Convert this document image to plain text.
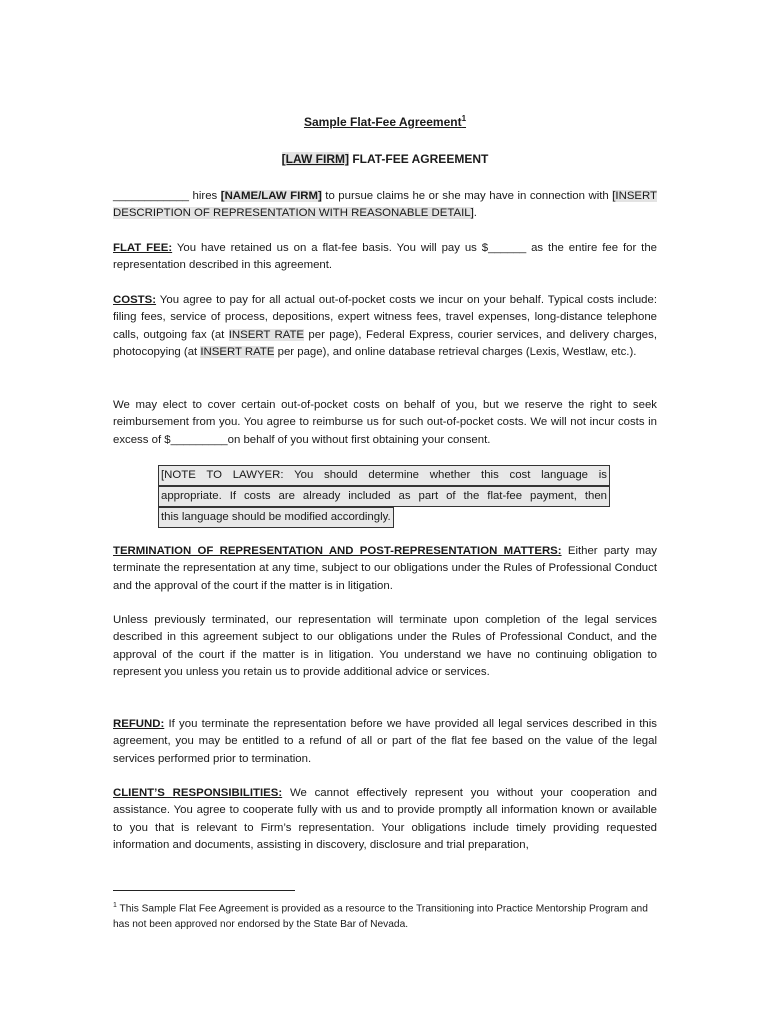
Sample Flat-Fee Agreement$^1$
[LAW FIRM] FLAT-FEE AGREEMENT
____________ hires [NAME/LAW FIRM] to pursue claims he or she may have in connection with [INSERT DESCRIPTION OF REPRESENTATION WITH REASONABLE DETAIL].
FLAT FEE: You have retained us on a flat-fee basis. You will pay us $______ as the entire fee for the representation described in this agreement.
COSTS: You agree to pay for all actual out-of-pocket costs we incur on your behalf. Typical costs include: filing fees, service of process, depositions, expert witness fees, travel expenses, long-distance telephone calls, outgoing fax (at INSERT RATE per page), Federal Express, courier services, and delivery charges, photocopying (at INSERT RATE per page), and online database retrieval charges (Lexis, Westlaw, etc.).
We may elect to cover certain out-of-pocket costs on behalf of you, but we reserve the right to seek reimbursement from you. You agree to reimburse us for such out-of-pocket costs. We will not incur costs in excess of $_________on behalf of you without first obtaining your consent.
[NOTE TO LAWYER: You should determine whether this cost language is
appropriate. If costs are already included as part of the flat-fee payment, then
this language should be modified accordingly.
TERMINATION OF REPRESENTATION AND POST-REPRESENTATION MATTERS: Either party may terminate the representation at any time, subject to our obligations under the Rules of Professional Conduct and the approval of the court if the matter is in litigation.
Unless previously terminated, our representation will terminate upon completion of the legal services described in this agreement subject to our obligations under the Rules of Professional Conduct, and the approval of the court if the matter is in litigation. You understand we have no continuing obligation to represent you unless you retain us to provide additional advice or services.
REFUND: If you terminate the representation before we have provided all legal services described in this agreement, you may be entitled to a refund of all or part of the flat fee based on the value of the legal services performed prior to termination.
CLIENT’S RESPONSIBILITIES: We cannot effectively represent you without your cooperation and assistance. You agree to cooperate fully with us and to provide promptly all information known or available to you that is relevant to Firm’s representation. Your obligations include timely providing requested information and documents, assisting in discovery, disclosure and trial preparation,
$^1$ This Sample Flat Fee Agreement is provided as a resource to the Transitioning into Practice Mentorship Program and has not been approved nor endorsed by the State Bar of Nevada.
